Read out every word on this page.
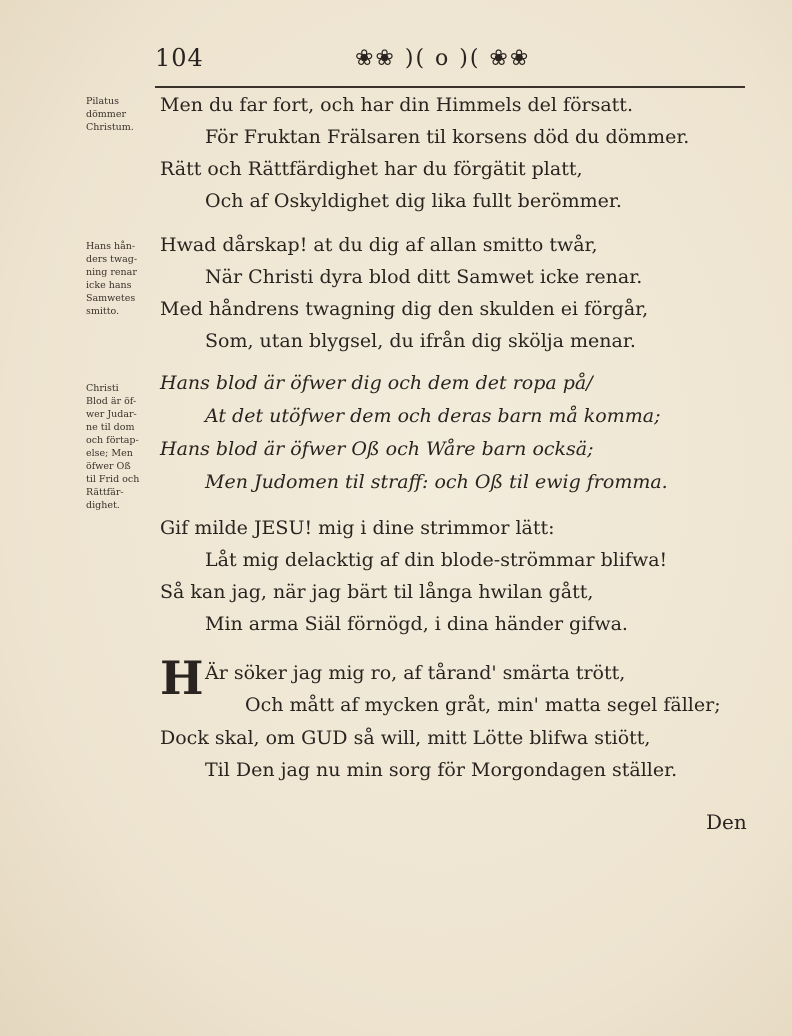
104	❀❀ )( o )( ❀❀
Pilatus
dömmer
Christum.
Hans hån-
ders twag-
ning renar
icke hans
Samwetes
smitto.
Christi
Blod är öf-
wer Judar-
ne til dom
och förtap-
else; Men
öfwer Oß
til Frid och
Rättfär-
dighet.
Men du far fort, och har din Himmels del försatt.
För Fruktan Frälsaren til korsens död du dömmer.
Rätt och Rättfärdighet har du förgätit platt,
Och af Oskyldighet dig lika fullt berömmer.
Hwad dårskap! at du dig af allan smitto twår,
När Christi dyra blod ditt Samwet icke renar.
Med håndrens twagning dig den skulden ei förgår,
Som, utan blygsel, du ifrån dig skölja menar.
Hans blod är öfwer dig och dem det ropa på/
At det utöfwer dem och deras barn må komma;
Hans blod är öfwer Oß och Wåre barn ocksä;
Men Judomen til straff: och Oß til ewig fromma.
Gif milde JESU! mig i dine strimmor lätt:
Låt mig delacktig af din blode-strömmar blifwa!
Så kan jag, när jag bärt til långa hwilan gått,
Min arma Siäl förnögd, i dina händer gifwa.
H Är söker jag mig ro, af tårand' smärta trött,
Och mått af mycken gråt, min' matta segel fäller;
Dock skal, om GUD så will, mitt Lötte blifwa stiött,
Til Den jag nu min sorg för Morgondagen ställer.
Den
